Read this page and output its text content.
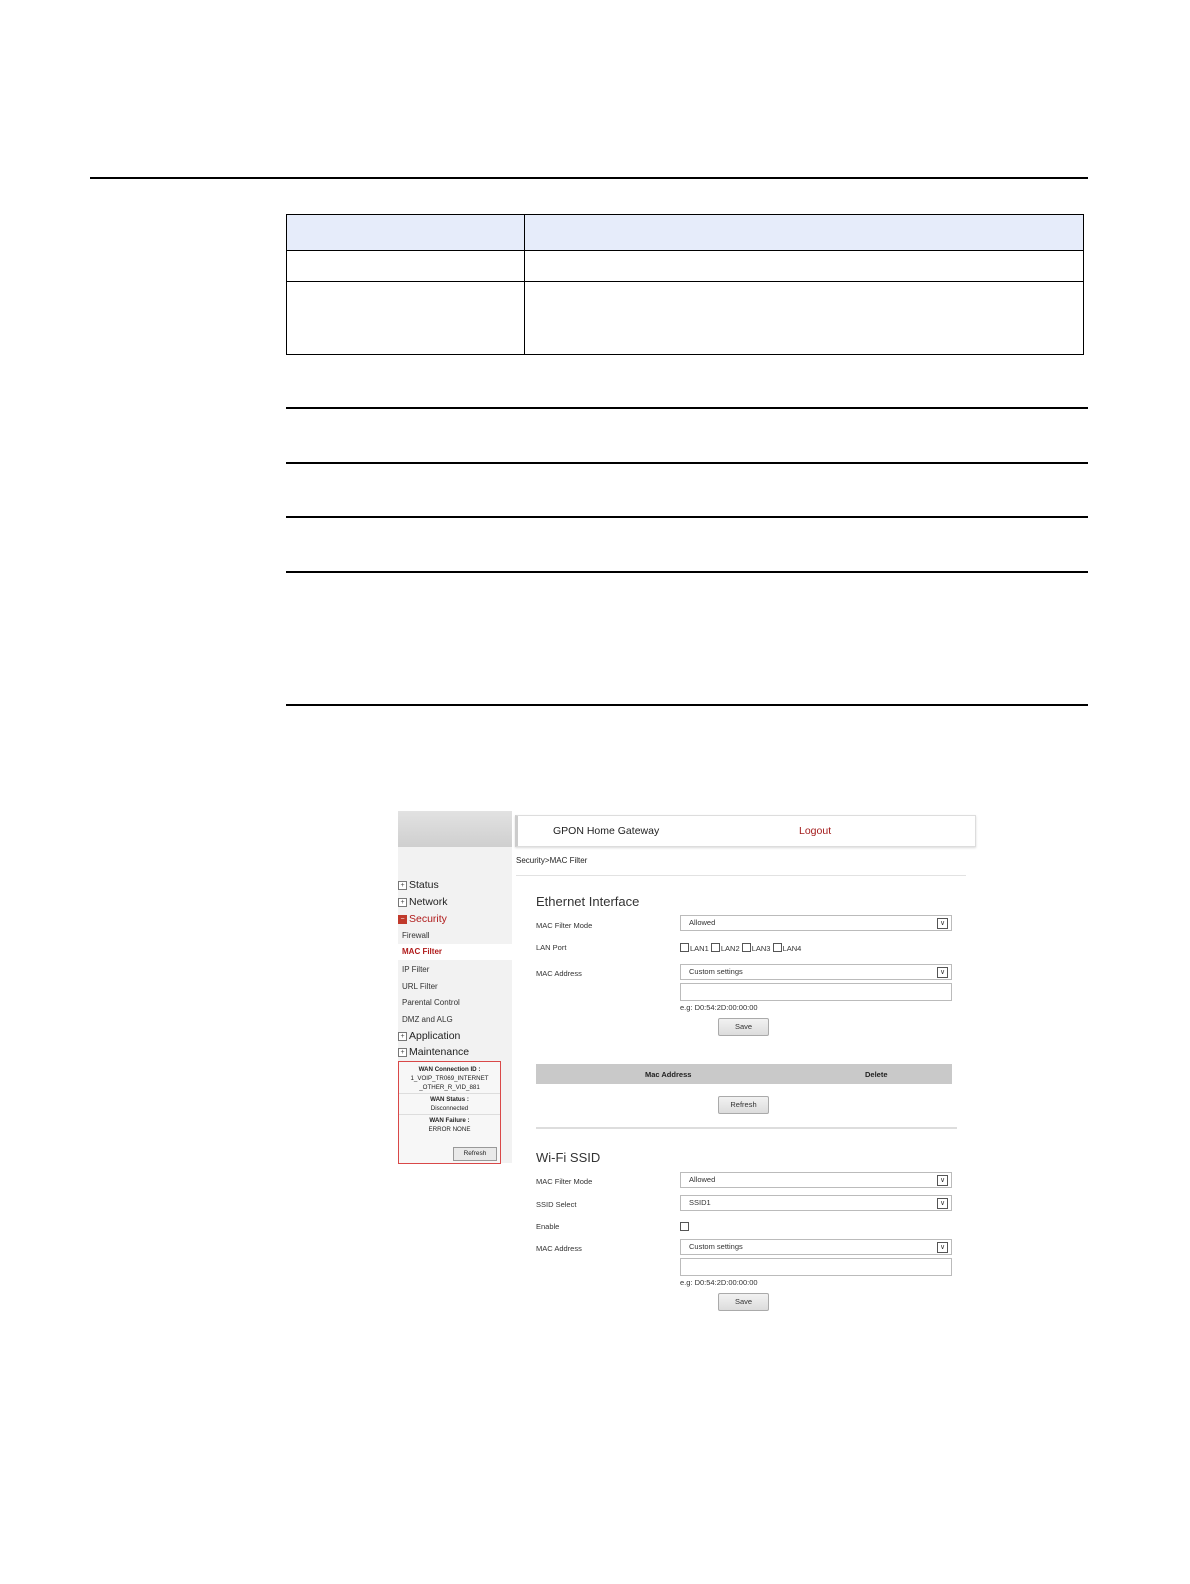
+ Status
+ Network
− Security
Firewall
MAC Filter
IP Filter
URL Filter
Parental Control
DMZ and ALG
+ Application
+ Maintenance
WAN Connection ID :
1_VOIP_TR069_INTERNET
_OTHER_R_VID_881
WAN Status :
Disconnected
WAN Failure :
ERROR NONE
Refresh
GPON Home Gateway	Logout
Security>MAC Filter
Ethernet Interface
MAC Filter Mode	Allowed	∨
LAN Port	LAN1 LAN2 LAN3 LAN4
MAC Address	Custom settings	∨
e.g: D0:54:2D:00:00:00
Save
Mac Address	Delete
Refresh
Wi-Fi SSID
MAC Filter Mode	Allowed	∨
SSID Select	SSID1	∨
Enable
MAC Address	Custom settings	∨
e.g: D0:54:2D:00:00:00
Save
